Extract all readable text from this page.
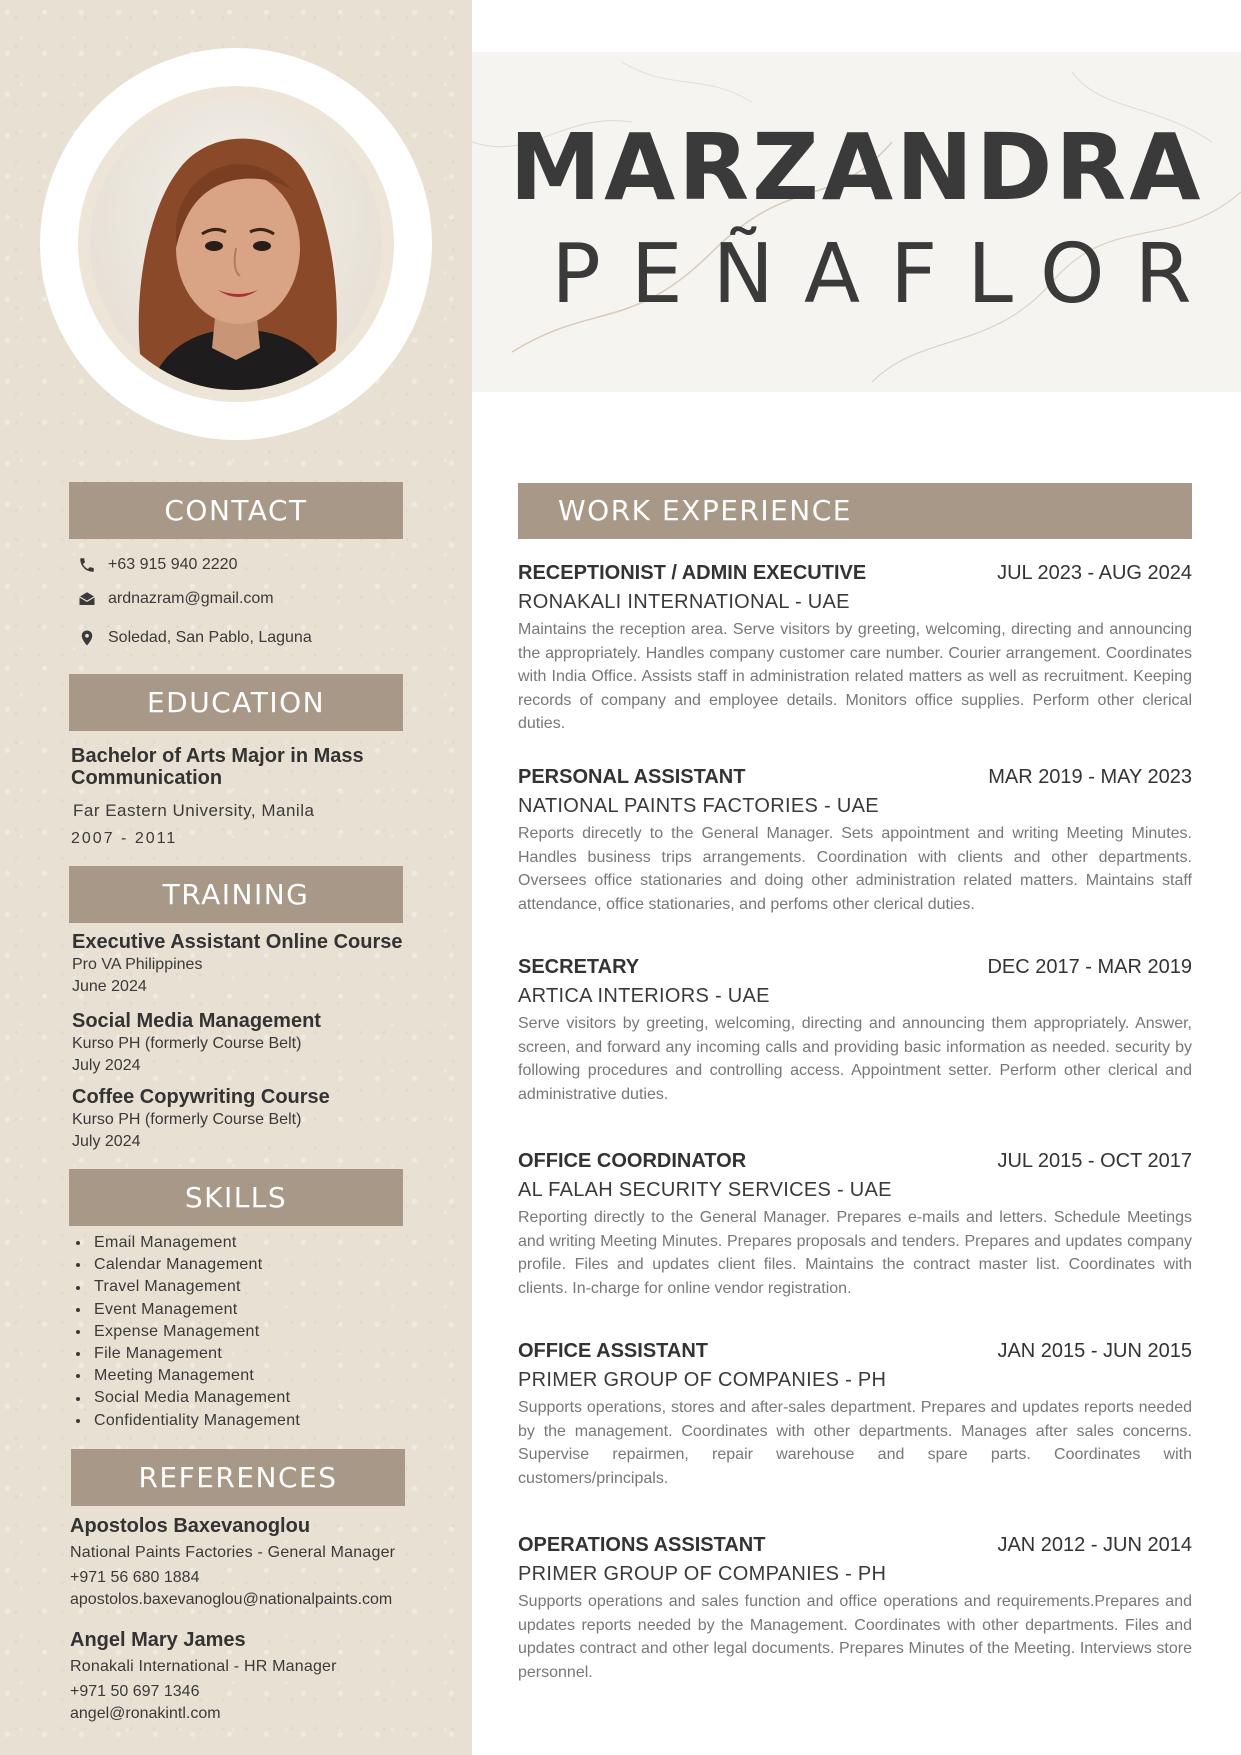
CONTACT
+63 915 940 2220
ardnazram@gmail.com
Soledad, San Pablo, Laguna
EDUCATION
Bachelor of Arts Major in Mass Communication
Far Eastern University, Manila
2007 - 2011
TRAINING
Executive Assistant Online Course
Pro VA Philippines
June 2024
Social Media Management
Kurso PH (formerly Course Belt)
July 2024
Coffee Copywriting Course
Kurso PH (formerly Course Belt)
July 2024
SKILLS
Email Management
Calendar Management
Travel Management
Event Management
Expense Management
File Management
Meeting Management
Social Media Management
Confidentiality Management
REFERENCES
Apostolos Baxevanoglou
National Paints Factories - General Manager
+971 56 680 1884
apostolos.baxevanoglou@nationalpaints.com
Angel Mary James
Ronakali International - HR Manager
+971 50 697 1346
angel@ronakintl.com
MARZANDRA
PEÑAFLOR
WORK EXPERIENCE
RECEPTIONIST / ADMIN EXECUTIVE	JUL 2023 - AUG 2024
RONAKALI INTERNATIONAL - UAE
Maintains the reception area. Serve visitors by greeting, welcoming, directing and announcing the appropriately. Handles company customer care number. Courier arrangement. Coordinates with India Office. Assists staff in administration related matters as well as recruitment. Keeping records of company and employee details. Monitors office supplies. Perform other clerical duties.
PERSONAL ASSISTANT	MAR 2019 - MAY 2023
NATIONAL PAINTS FACTORIES - UAE
Reports direcetly to the General Manager. Sets appointment and writing Meeting Minutes. Handles business trips arrangements. Coordination with clients and other departments. Oversees office stationaries and doing other administration related matters. Maintains staff attendance, office stationaries, and perfoms other clerical duties.
SECRETARY	DEC 2017 - MAR 2019
ARTICA INTERIORS - UAE
Serve visitors by greeting, welcoming, directing and announcing them appropriately. Answer, screen, and forward any incoming calls and providing basic information as needed. security by following procedures and controlling access. Appointment setter. Perform other clerical and administrative duties.
OFFICE COORDINATOR	JUL 2015 - OCT 2017
AL FALAH SECURITY SERVICES - UAE
Reporting directly to the General Manager. Prepares e-mails and letters. Schedule Meetings and writing Meeting Minutes. Prepares proposals and tenders. Prepares and updates company profile. Files and updates client files. Maintains the contract master list. Coordinates with clients. In-charge for online vendor registration.
OFFICE ASSISTANT	JAN 2015 - JUN 2015
PRIMER GROUP OF COMPANIES - PH
Supports operations, stores and after-sales department. Prepares and updates reports needed by the management. Coordinates with other departments. Manages after sales concerns. Supervise repairmen, repair warehouse and spare parts. Coordinates with customers/principals.
OPERATIONS ASSISTANT	JAN 2012 - JUN 2014
PRIMER GROUP OF COMPANIES - PH
Supports operations and sales function and office operations and requirements.Prepares and updates reports needed by the Management. Coordinates with other departments. Files and updates contract and other legal documents. Prepares Minutes of the Meeting. Interviews store personnel.
